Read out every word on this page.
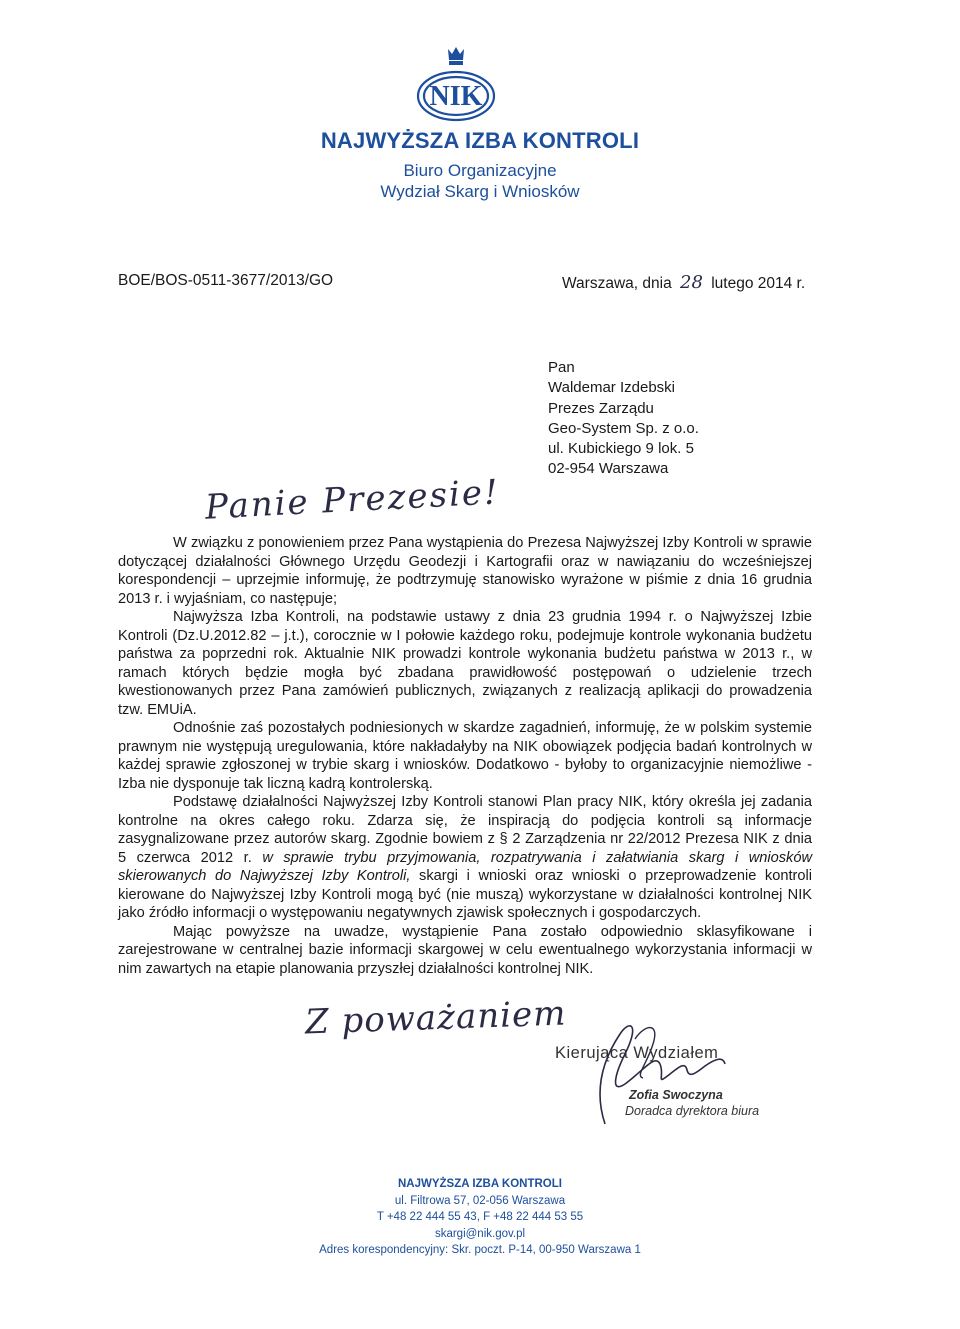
NIK
NAJWYŻSZA IZBA KONTROLI
Biuro Organizacyjne
Wydział Skarg i Wniosków
BOE/BOS-0511-3677/2013/GO	Warszawa, dnia 28 lutego 2014 r.
Pan
Waldemar Izdebski
Prezes Zarządu
Geo-System Sp. z o.o.
ul. Kubickiego 9 lok. 5
02-954 Warszawa
Panie Prezesie!

W związku z ponowieniem przez Pana wystąpienia do Prezesa Najwyższej Izby Kontroli w sprawie dotyczącej działalności Głównego Urzędu Geodezji i Kartografii oraz w nawiązaniu do wcześniejszej korespondencji – uprzejmie informuję, że podtrzymuję stanowisko wyrażone w piśmie z dnia 16 grudnia 2013 r. i wyjaśniam, co następuje;

Najwyższa Izba Kontroli, na podstawie ustawy z dnia 23 grudnia 1994 r. o Najwyższej Izbie Kontroli (Dz.U.2012.82 – j.t.), corocznie w I połowie każdego roku, podejmuje kontrole wykonania budżetu państwa za poprzedni rok. Aktualnie NIK prowadzi kontrole wykonania budżetu państwa w 2013 r., w ramach których będzie mogła być zbadana prawidłowość postępowań o udzielenie trzech kwestionowanych przez Pana zamówień publicznych, związanych z realizacją aplikacji do prowadzenia tzw. EMUiA.

Odnośnie zaś pozostałych podniesionych w skardze zagadnień, informuję, że w polskim systemie prawnym nie występują uregulowania, które nakładałyby na NIK obowiązek podjęcia badań kontrolnych w każdej sprawie zgłoszonej w trybie skarg i wniosków. Dodatkowo - byłoby to organizacyjnie niemożliwe - Izba nie dysponuje tak liczną kadrą kontrolerską.

Podstawę działalności Najwyższej Izby Kontroli stanowi Plan pracy NIK, który określa jej zadania kontrolne na okres całego roku. Zdarza się, że inspiracją do podjęcia kontroli są informacje zasygnalizowane przez autorów skarg. Zgodnie bowiem z § 2 Zarządzenia nr 22/2012 Prezesa NIK z dnia 5 czerwca 2012 r. w sprawie trybu przyjmowania, rozpatrywania i załatwiania skarg i wniosków skierowanych do Najwyższej Izby Kontroli, skargi i wnioski oraz wnioski o przeprowadzenie kontroli kierowane do Najwyższej Izby Kontroli mogą być (nie muszą) wykorzystane w działalności kontrolnej NIK jako źródło informacji o występowaniu negatywnych zjawisk społecznych i gospodarczych.

Mając powyższe na uwadze, wystąpienie Pana zostało odpowiednio sklasyfikowane i zarejestrowane w centralnej bazie informacji skargowej w celu ewentualnego wykorzystania informacji w nim zawartych na etapie planowania przyszłej działalności kontrolnej NIK.

Z poważaniem
Kierująca Wydziałem
Zofia Swoczyna
Doradca dyrektora biura
NAJWYŻSZA IZBA KONTROLI
ul. Filtrowa 57, 02-056 Warszawa
T +48 22 444 55 43, F +48 22 444 53 55
skargi@nik.gov.pl
Adres korespondencyjny: Skr. poczt. P-14, 00-950 Warszawa 1
